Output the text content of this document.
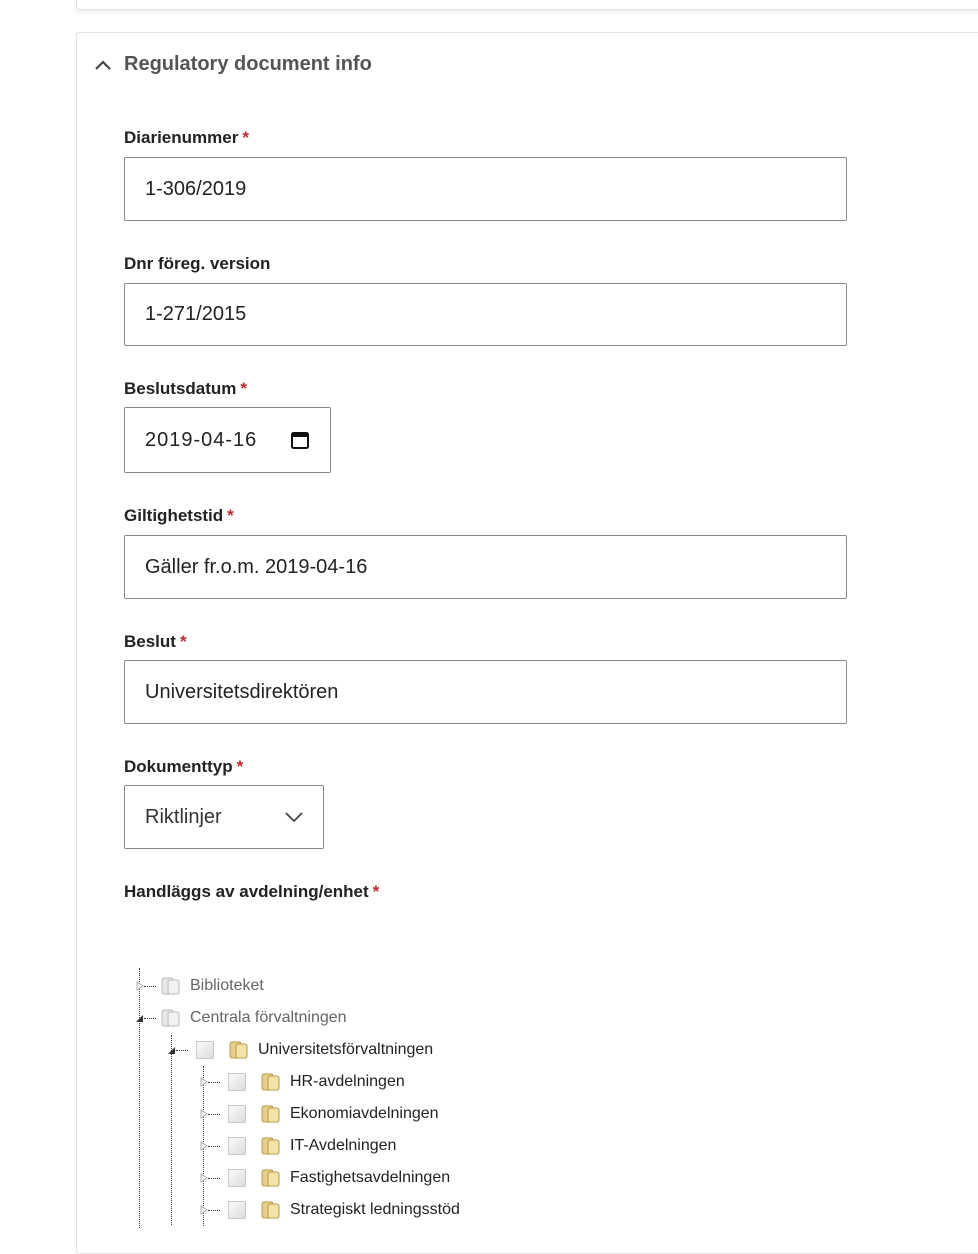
Regulatory document info
Diarienummer *
1-306/2019
Dnr föreg. version
1-271/2015
Beslutsdatum *
2019-04-16
Giltighetstid *
Gäller fr.o.m. 2019-04-16
Beslut *
Universitetsdirektören
Dokumenttyp *
Riktlinjer
Handläggs av avdelning/enhet *
Biblioteket
Centrala förvaltningen
Universitetsförvaltningen
HR-avdelningen
Ekonomiavdelningen
IT-Avdelningen
Fastighetsavdelningen
Strategiskt ledningsstöd
